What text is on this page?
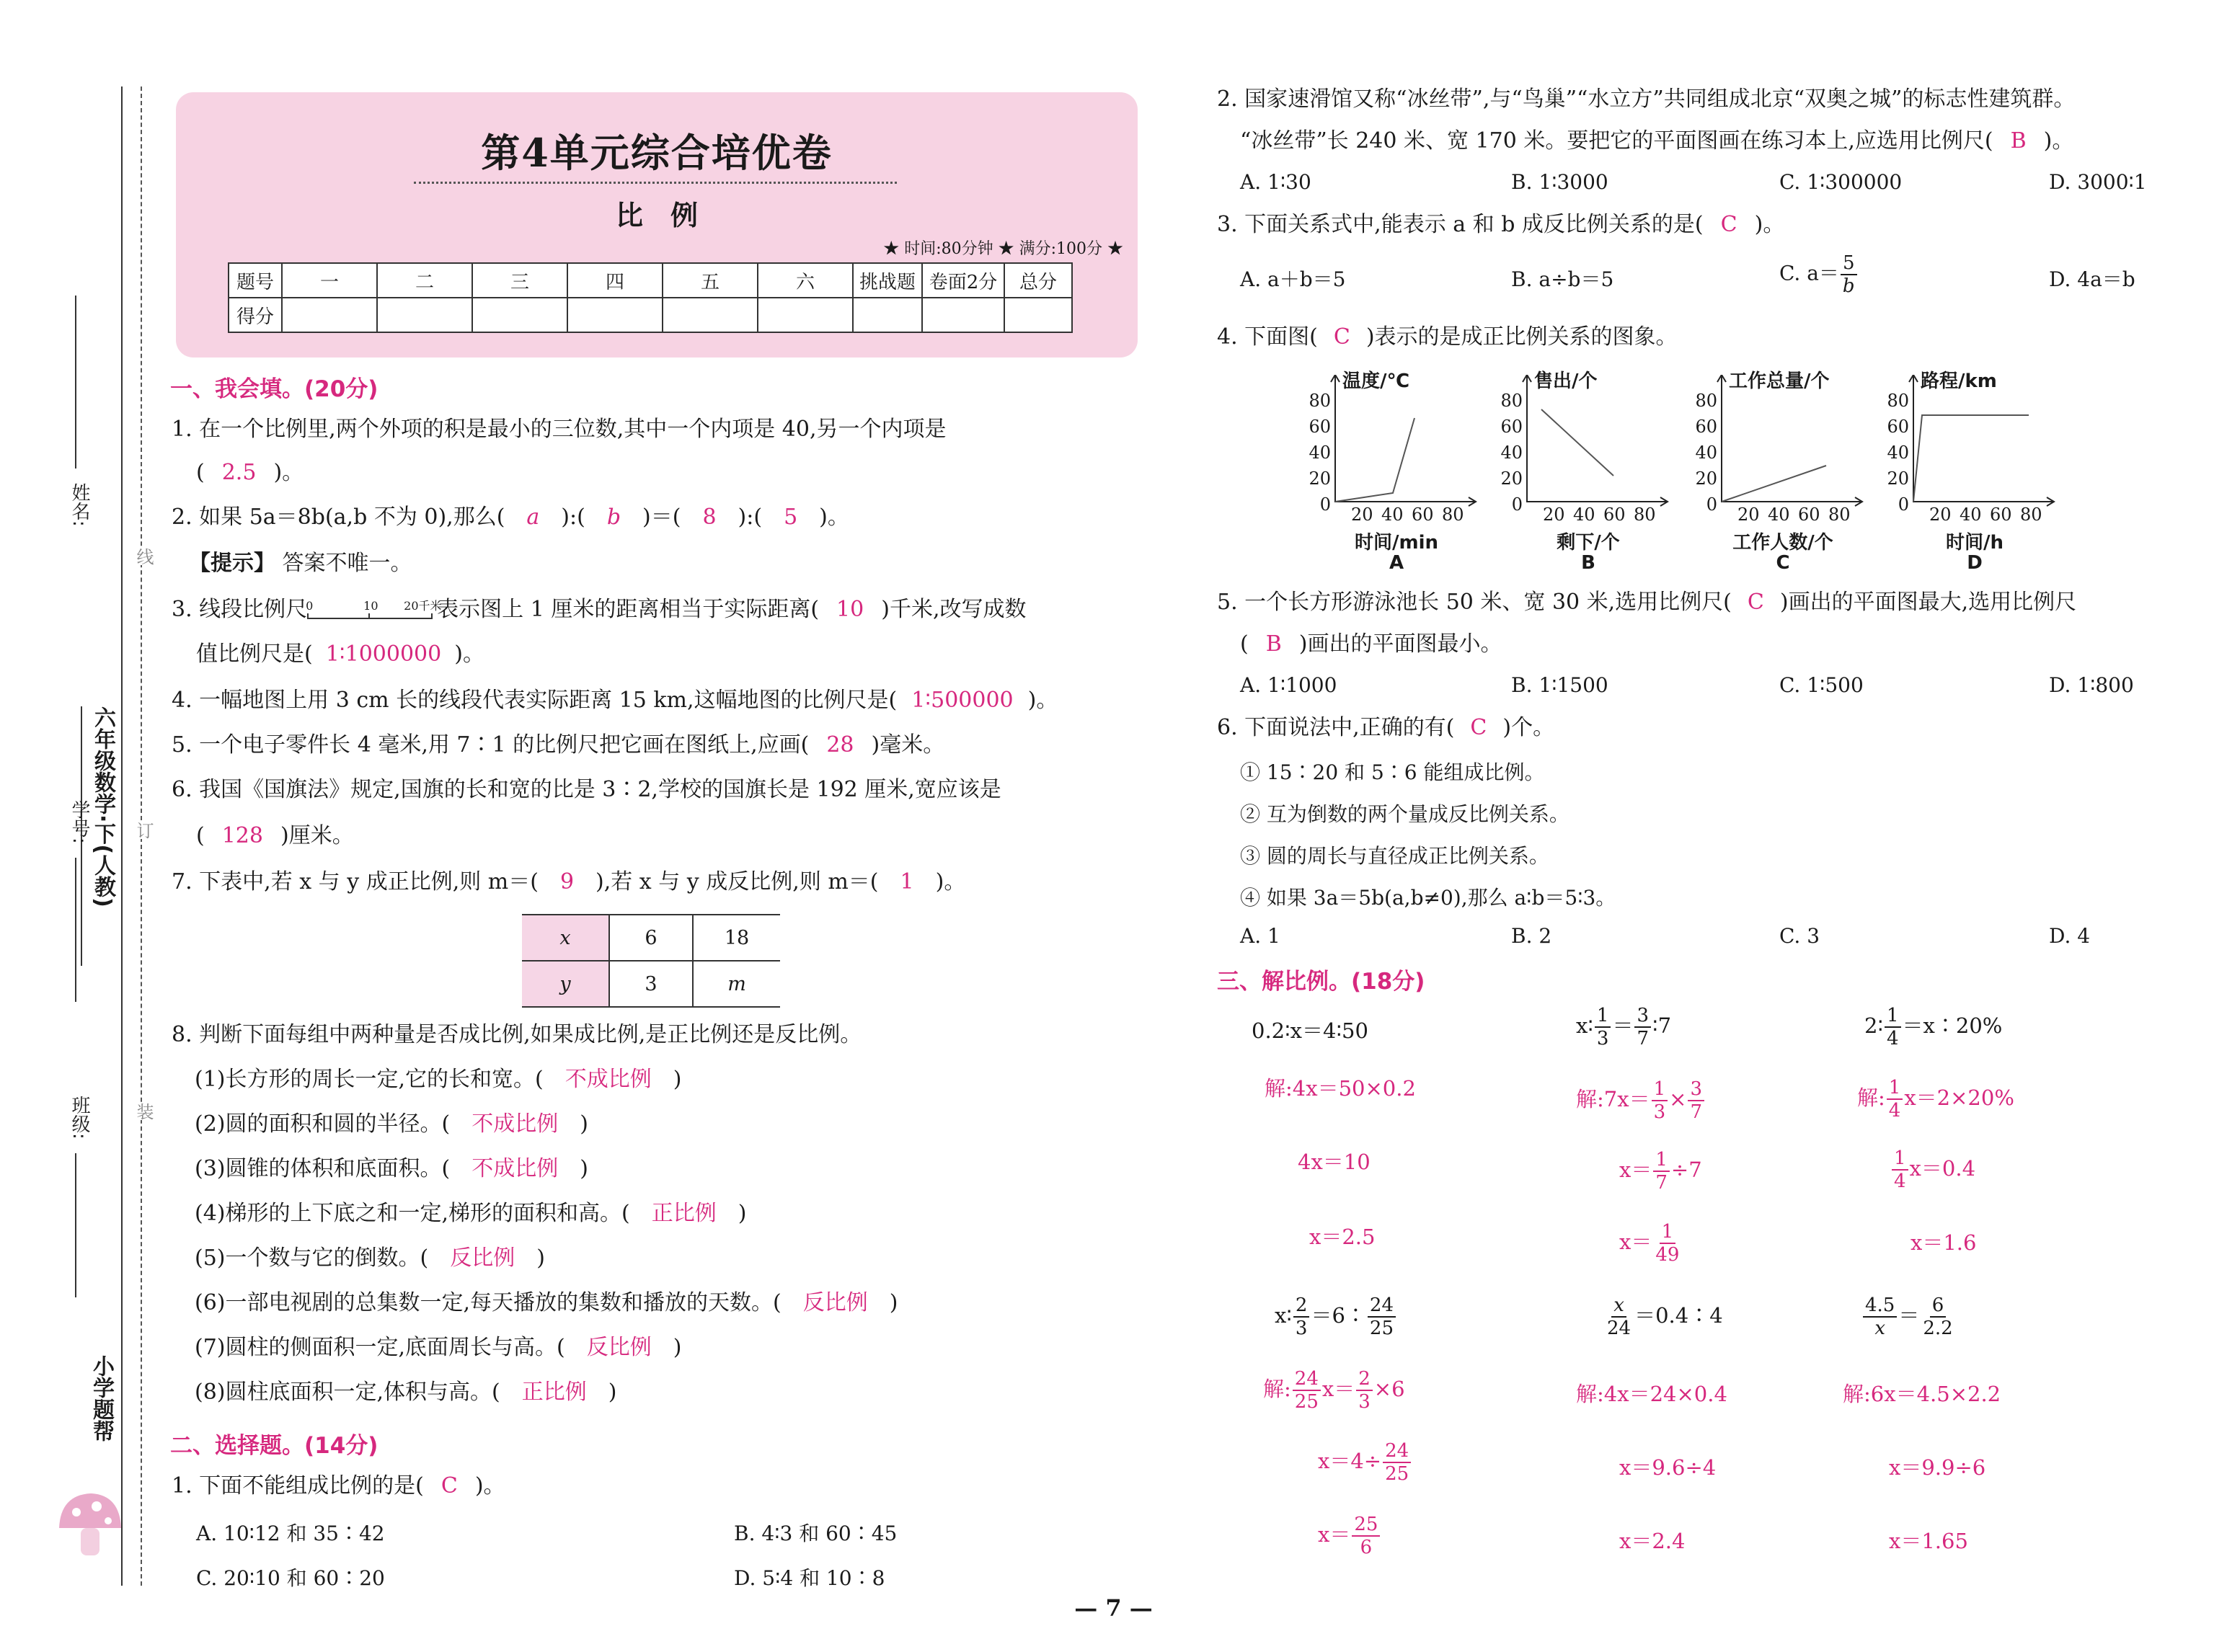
姓名:
线
六年级数学·下(人教)
学号:	订
班级:	装
小学题帮
第4单元综合培优卷
比　例
★ 时间:80分钟 ★ 满分:100分 ★
题号	一	二	三	四	五	六	挑战题	卷面2分	总分
得分									
一、我会填。(20分)
1. 在一个比例里,两个外项的积是最小的三位数,其中一个内项是 40,另一个内项是
( 2.5 )。
2. 如果 5a＝8b(a,b 不为 0),那么( a ):( b )＝( 8 ):( 5 )。
【提示】 答案不唯一。
3. 线段比例尺
0	10 20千米
表示图上 1 厘米的距离相当于实际距离( 10 )千米,改写成数
值比例尺是( 1∶1000000 )。
4. 一幅地图上用 3 cm 长的线段代表实际距离 15 km,这幅地图的比例尺是( 1∶500000 )。
5. 一个电子零件长 4 毫米,用 7∶1 的比例尺把它画在图纸上,应画( 28 )毫米。
6. 我国《国旗法》规定,国旗的长和宽的比是 3∶2,学校的国旗长是 192 厘米,宽应该是
( 128 )厘米。
7. 下表中,若 x 与 y 成正比例,则 m＝( 9 ),若 x 与 y 成反比例,则 m＝( 1 )。
x	6	18
y	3	m
8. 判断下面每组中两种量是否成比例,如果成比例,是正比例还是反比例。
(1)长方形的周长一定,它的长和宽。( 不成比例 )
(2)圆的面积和圆的半径。( 不成比例 )
(3)圆锥的体积和底面积。( 不成比例 )
(4)梯形的上下底之和一定,梯形的面积和高。( 正比例 )
(5)一个数与它的倒数。( 反比例 )
(6)一部电视剧的总集数一定,每天播放的集数和播放的天数。( 反比例 )
(7)圆柱的侧面积一定,底面周长与高。( 反比例 )
(8)圆柱底面积一定,体积与高。( 正比例 )
二、选择题。(14分)
1. 下面不能组成比例的是( C )。
A. 10∶12 和 35∶42	B. 4∶3 和 60∶45
C. 20∶10 和 60∶20	D. 5∶4 和 10∶8
2. 国家速滑馆又称“冰丝带”,与“鸟巢”“水立方”共同组成北京“双奥之城”的标志性建筑群。
“冰丝带”长 240 米、宽 170 米。要把它的平面图画在练习本上,应选用比例尺( B )。
A. 1∶30	B. 1∶3000	C. 1∶300000	D. 3000∶1
3. 下面关系式中,能表示 a 和 b 成反比例关系的是( C )。
A. a＋b＝5	B. a÷b＝5	C. $a= \frac{5}{b}$	D. 4a＝b
4. 下面图( C )表示的是成正比例关系的图象。
温度/℃
80
60
40
20
0 20 40 60 80
时间/min
A
售出/个
80
60
40
20
0 20 40 60 80
剩下/个
B
工作总量/个
80
60
40
20
0 20 40 60 80
工作人数/个
C
路程/km
80
60
40
20
0 20 40 60 80
时间/h
D
5. 一个长方形游泳池长 50 米、宽 30 米,选用比例尺( C )画出的平面图最大,选用比例尺
( B )画出的平面图最小。
A. 1∶1000	B. 1∶1500	C. 1∶500	D. 1∶800
6. 下面说法中,正确的有( C )个。
① 15∶20 和 5∶6 能组成比例。
② 互为倒数的两个量成反比例关系。
③ 圆的周长与直径成正比例关系。
④ 如果 3a＝5b(a,b≠0),那么 a∶b＝5∶3。
A. 1	B. 2	C. 3	D. 4
三、解比例。(18分)
0.2∶x＝4∶50
解:4x＝50×0.2
4x＝10
x＝2.5
x∶ $\frac{1}{3} = \frac{3}{7}$ ∶7
解:7x＝ $\frac{1}{3} \times \frac{3}{7}$
$x= \frac{1}{7} \div 7$
$x= \frac{1}{49}$
2∶ $\frac{1}{4}$ ＝x∶20%
解: $\frac{1}{4} x=2\times 20\%$
$\frac{1}{4} x=0.4$
x＝1.6
x∶ $\frac{2}{3}$ ＝6∶ $\frac{24}{25}$
解: $\frac{24}{25} x= \frac{2}{3} \times 6$
$x=4\div \frac{24}{25}$
$x= \frac{25}{6}$
$\frac{x}{24}$ ＝0.4∶4
解:4x＝24×0.4
x＝9.6÷4
x＝2.4
$\frac{4.5}{x} = \frac{6}{2.2}$
解:6x＝4.5×2.2
x＝9.9÷6
x＝1.65
— 7 —
